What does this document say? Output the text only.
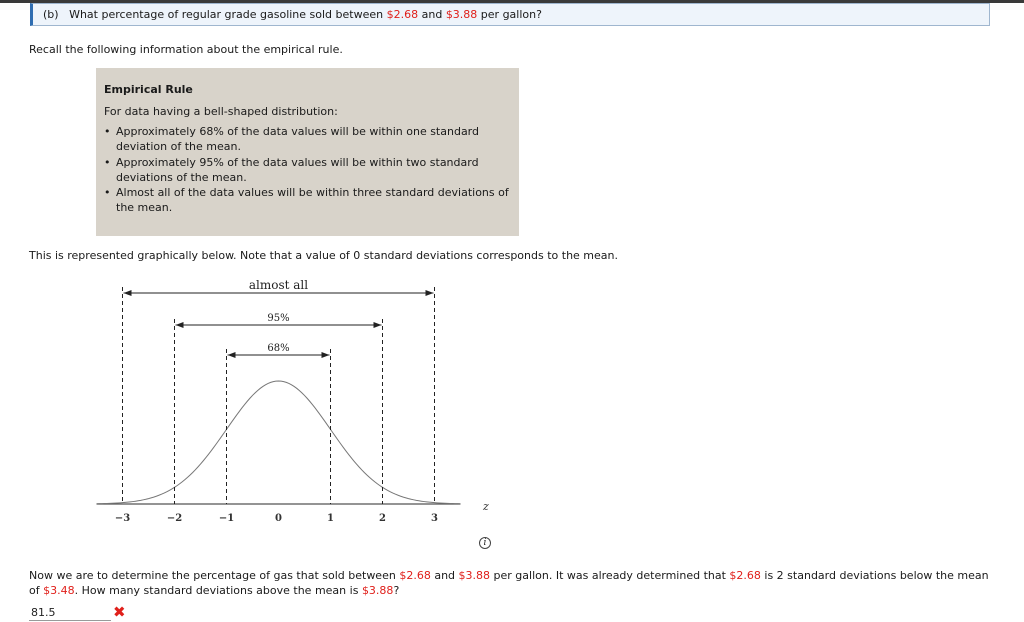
(b) What percentage of regular grade gasoline sold between $2.68 and $3.88 per gallon?
Recall the following information about the empirical rule.
Empirical Rule
For data having a bell-shaped distribution:
• Approximately 68% of the data values will be within one standard deviation of the mean.
• Approximately 95% of the data values will be within two standard deviations of the mean.
• Almost all of the data values will be within three standard deviations of the mean.
This is represented graphically below. Note that a value of 0 standard deviations corresponds to the mean.
68%
95%
almost all
−3	−2	−1	0	1	2	3
z
i
Now we are to determine the percentage of gas that sold between $2.68 and $3.88 per gallon. It was already determined that $2.68 is 2 standard deviations below the mean of $3.48. How many standard deviations above the mean is $3.88?
81.5
✖
